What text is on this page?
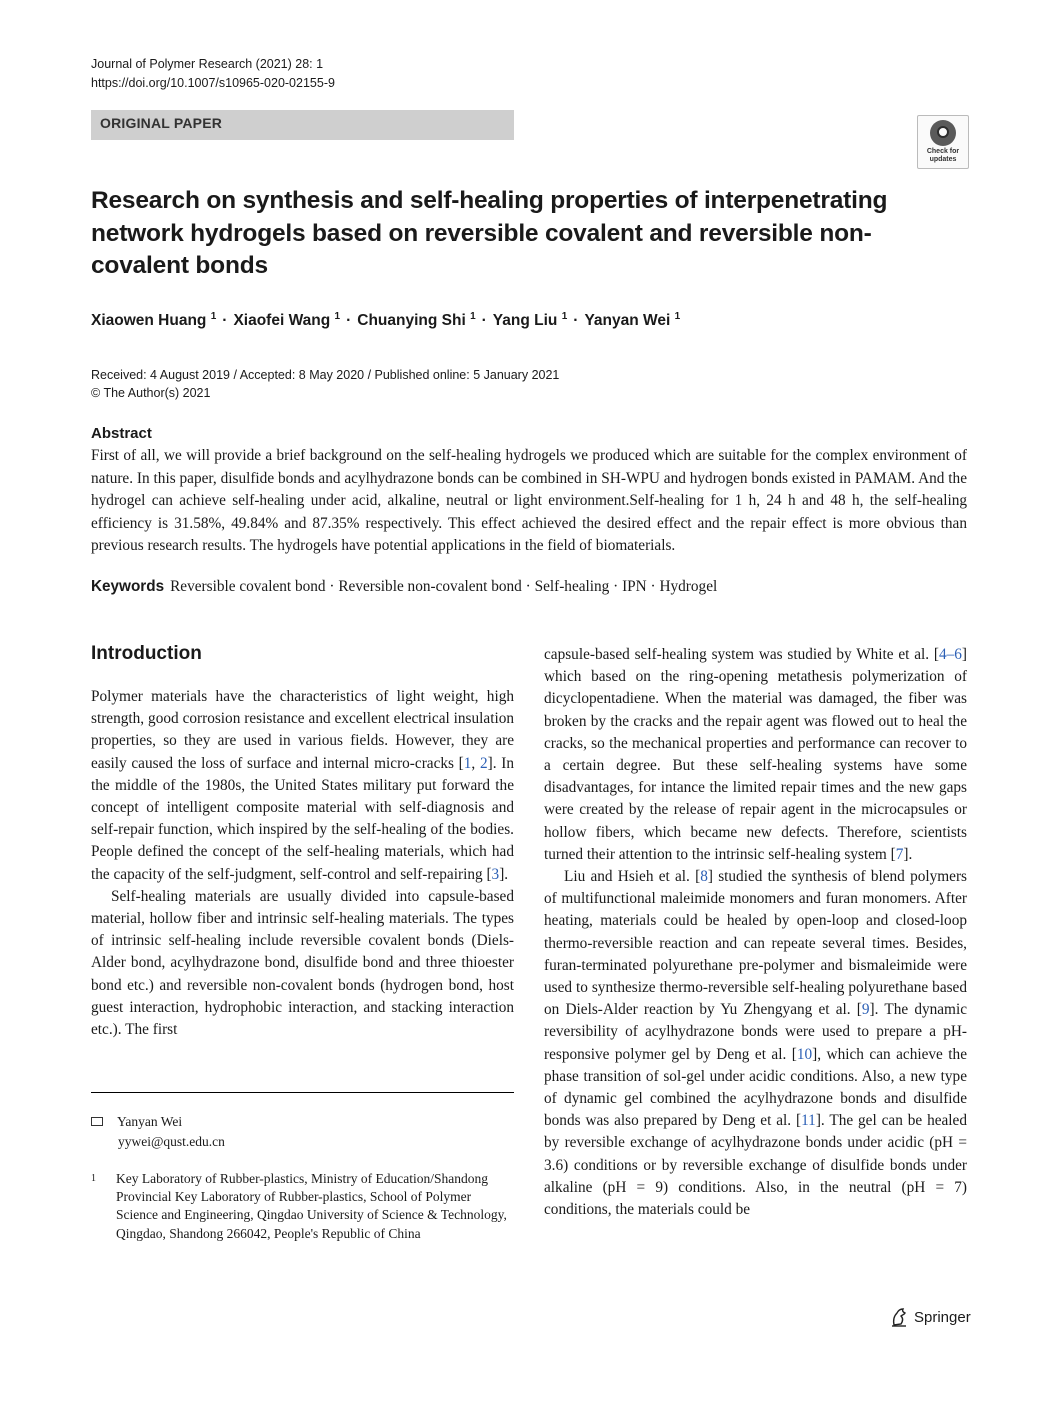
Journal of Polymer Research (2021) 28: 1
https://doi.org/10.1007/s10965-020-02155-9
ORIGINAL PAPER
Check for updates
Research on synthesis and self-healing properties of interpenetrating network hydrogels based on reversible covalent and reversible non-covalent bonds
Xiaowen Huang $^1$ · Xiaofei Wang $^1$ · Chuanying Shi $^1$ · Yang Liu $^1$ · Yanyan Wei $^1$
Received: 4 August 2019 / Accepted: 8 May 2020 / Published online: 5 January 2021
© The Author(s) 2021
Abstract
First of all, we will provide a brief background on the self-healing hydrogels we produced which are suitable for the complex environment of nature. In this paper, disulfide bonds and acylhydrazone bonds can be combined in SH-WPU and hydrogen bonds existed in PAMAM. And the hydrogel can achieve self-healing under acid, alkaline, neutral or light environment.Self-healing for 1 h, 24 h and 48 h, the self-healing efficiency is 31.58%, 49.84% and 87.35% respectively. This effect achieved the desired effect and the repair effect is more obvious than previous research results. The hydrogels have potential applications in the field of biomaterials.
Keywords Reversible covalent bond · Reversible non-covalent bond · Self-healing · IPN · Hydrogel
Introduction

Polymer materials have the characteristics of light weight, high strength, good corrosion resistance and excellent electrical insulation properties, so they are used in various fields. However, they are easily caused the loss of surface and internal micro-cracks [1, 2]. In the middle of the 1980s, the United States military put forward the concept of intelligent composite material with self-diagnosis and self-repair function, which inspired by the self-healing of the bodies. People defined the concept of the self-healing materials, which had the capacity of the self-judgment, self-control and self-repairing [3].

Self-healing materials are usually divided into capsule-based material, hollow fiber and intrinsic self-healing materials. The types of intrinsic self-healing include reversible covalent bonds (Diels-Alder bond, acylhydrazone bond, disulfide bond and three thioester bond etc.) and reversible non-covalent bonds (hydrogen bond, host guest interaction, hydrophobic interaction, and stacking interaction etc.). The first

capsule-based self-healing system was studied by White et al. [4–6] which based on the ring-opening metathesis polymerization of dicyclopentadiene. When the material was damaged, the fiber was broken by the cracks and the repair agent was flowed out to heal the cracks, so the mechanical properties and performance can recover to a certain degree. But these self-healing systems have some disadvantages, for intance the limited repair times and the new gaps were created by the release of repair agent in the microcapsules or hollow fibers, which became new defects. Therefore, scientists turned their attention to the intrinsic self-healing system [7].

Liu and Hsieh et al. [8] studied the synthesis of blend polymers of multifunctional maleimide monomers and furan monomers. After heating, materials could be healed by open-loop and closed-loop thermo-reversible reaction and can repeate several times. Besides, furan-terminated polyurethane pre-polymer and bismaleimide were used to synthesize thermo-reversible self-healing polyurethane based on Diels-Alder reaction by Yu Zhengyang et al. [9]. The dynamic reversibility of acylhydrazone bonds were used to prepare a pH-responsive polymer gel by Deng et al. [10], which can achieve the phase transition of sol-gel under acidic conditions. Also, a new type of dynamic gel combined the acylhydrazone bonds and disulfide bonds was also prepared by Deng et al. [11]. The gel can be healed by reversible exchange of acylhydrazone bonds under acidic (pH = 3.6) conditions or by reversible exchange of disulfide bonds under alkaline (pH = 9) conditions. Also, in the neutral (pH = 7) conditions, the materials could be

Yanyan Wei
yywei@qust.edu.cn
1 Key Laboratory of Rubber-plastics, Ministry of Education/Shandong Provincial Key Laboratory of Rubber-plastics, School of Polymer Science and Engineering, Qingdao University of Science & Technology, Qingdao, Shandong 266042, People's Republic of China
Springer
